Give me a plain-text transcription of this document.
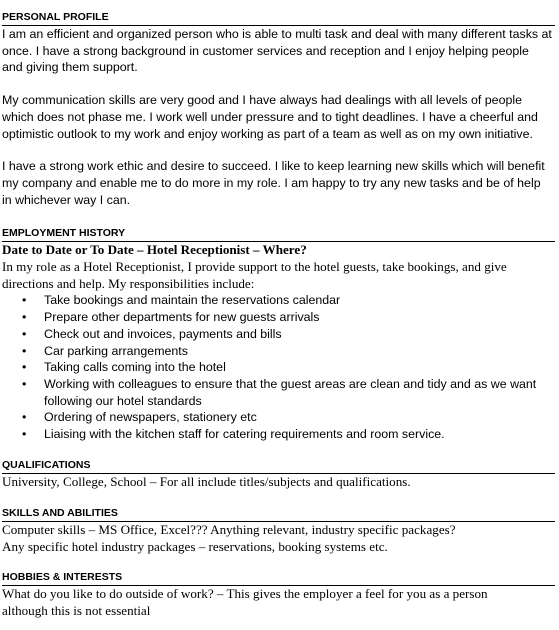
PERSONAL PROFILE

I am an efficient and organized person who is able to multi task and deal with many different tasks at once. I have a strong background in customer services and reception and I enjoy helping people and giving them support.

My communication skills are very good and I have always had dealings with all levels of people which does not phase me. I work well under pressure and to tight deadlines. I have a cheerful and optimistic outlook to my work and enjoy working as part of a team as well as on my own initiative.

I have a strong work ethic and desire to succeed. I like to keep learning new skills which will benefit my company and enable me to do more in my role. I am happy to try any new tasks and be of help in whichever way I can.

EMPLOYMENT HISTORY

Date to Date or To Date – Hotel Receptionist – Where?

In my role as a Hotel Receptionist, I provide support to the hotel guests, take bookings, and give directions and help. My responsibilities include:

• Take bookings and maintain the reservations calendar
• Prepare other departments for new guests arrivals
• Check out and invoices, payments and bills
• Car parking arrangements
• Taking calls coming into the hotel
• Working with colleagues to ensure that the guest areas are clean and tidy and as we want following our hotel standards
• Ordering of newspapers, stationery etc
• Liaising with the kitchen staff for catering requirements and room service.
QUALIFICATIONS

University, College, School – For all include titles/subjects and qualifications.

SKILLS AND ABILITIES

Computer skills – MS Office, Excel??? Anything relevant, industry specific packages?

Any specific hotel industry packages – reservations, booking systems etc.

HOBBIES & INTERESTS

What do you like to do outside of work? – This gives the employer a feel for you as a person

although this is not essential
